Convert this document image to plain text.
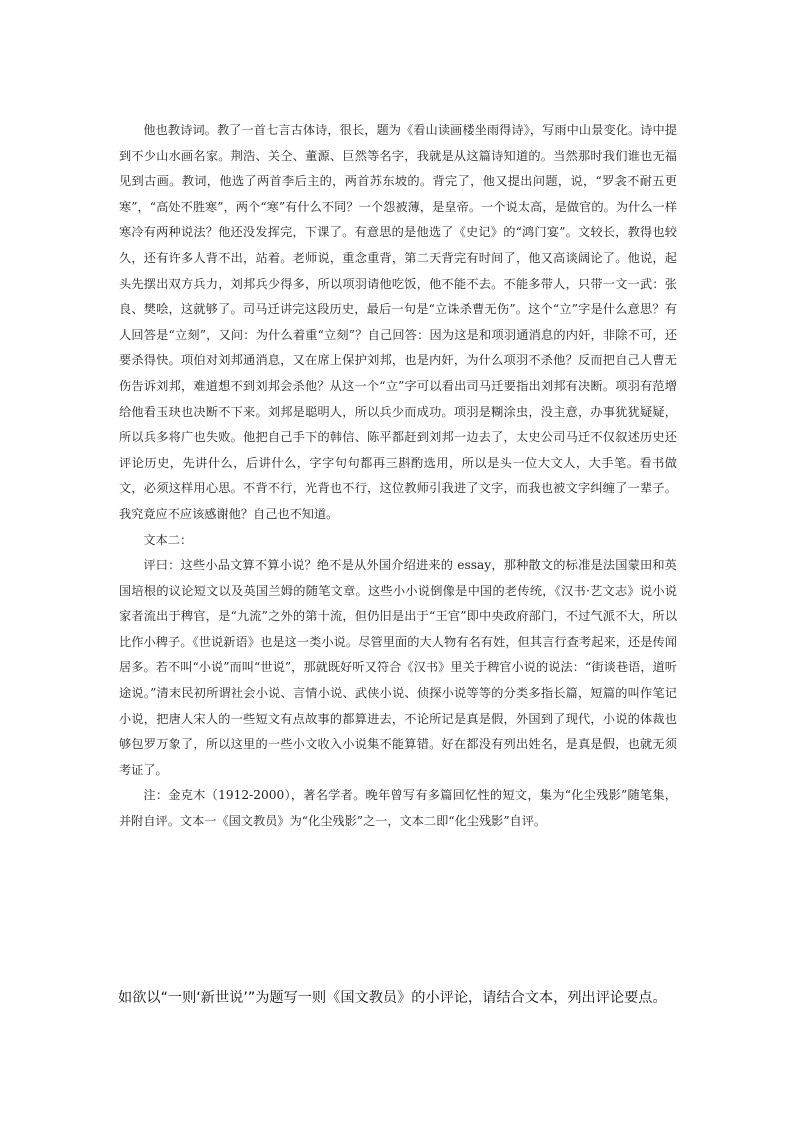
他也教诗词。教了一首七言古体诗，很长，题为《看山读画楼坐雨得诗》，写雨中山景变化。诗中提到不少山水画名家。荆浩、关仝、董源、巨然等名字，我就是从这篇诗知道的。当然那时我们谁也无福见到古画。教词，他选了两首李后主的，两首苏东坡的。背完了，他又提出问题，说，“罗衾不耐五更寒”，“高处不胜寒”，两个“寒”有什么不同？一个怨被薄，是皇帝。一个说太高，是做官的。为什么一样寒冷有两种说法？他还没发挥完，下课了。有意思的是他选了《史记》的“鸿门宴”。文较长，教得也较久，还有许多人背不出，站着。老师说，重念重背，第二天背完有时间了，他又高谈阔论了。他说，起头先摆出双方兵力，刘邦兵少得多，所以项羽请他吃饭，他不能不去。不能多带人，只带一文一武：张良、樊哙，这就够了。司马迁讲完这段历史，最后一句是“立诛杀曹无伤”。这个“立”字是什么意思？有人回答是“立刻”，又问：为什么着重“立刻”？自己回答：因为这是和项羽通消息的内奸，非除不可，还要杀得快。项伯对刘邦通消息，又在席上保护刘邦，也是内奸，为什么项羽不杀他？反而把自己人曹无伤告诉刘邦，难道想不到刘邦会杀他？从这一个“立”字可以看出司马迁要指出刘邦有决断。项羽有范增给他看玉玦也决断不下来。刘邦是聪明人，所以兵少而成功。项羽是糊涂虫，没主意，办事犹犹疑疑，所以兵多将广也失败。他把自己手下的韩信、陈平都赶到刘邦一边去了，太史公司马迁不仅叙述历史还评论历史，先讲什么，后讲什么，字字句句都再三斟酌选用，所以是头一位大文人，大手笔。看书做文，必须这样用心思。不背不行，光背也不行，这位教师引我进了文字，而我也被文字纠缠了一辈子。我究竟应不应该感谢他？自己也不知道。

文本二：

评曰：这些小品文算不算小说？绝不是从外国介绍进来的 essay，那种散文的标准是法国蒙田和英国培根的议论短文以及英国兰姆的随笔文章。这些小小说倒像是中国的老传统，《汉书·艺文志》说小说家者流出于稗官，是“九流”之外的第十流，但仍旧是出于“王官”即中央政府部门，不过气派不大，所以比作小稗子。《世说新语》也是这一类小说。尽管里面的大人物有名有姓，但其言行查考起来，还是传闻居多。若不叫“小说”而叫“世说”，那就既好听又符合《汉书》里关于稗官小说的说法：“街谈巷语，道听途说。”清末民初所谓社会小说、言情小说、武侠小说、侦探小说等等的分类多指长篇，短篇的叫作笔记小说，把唐人宋人的一些短文有点故事的都算进去，不论所记是真是假，外国到了现代，小说的体裁也够包罗万象了，所以这里的一些小文收入小说集不能算错。好在都没有列出姓名，是真是假，也就无须考证了。

注：金克木（1912-2000），著名学者。晚年曾写有多篇回忆性的短文，集为“化尘残影”随笔集，并附自评。文本一《国文教员》为“化尘残影”之一，文本二即“化尘残影”自评。

如欲以“一则‘新世说’”为题写一则《国文教员》的小评论，请结合文本，列出评论要点。
